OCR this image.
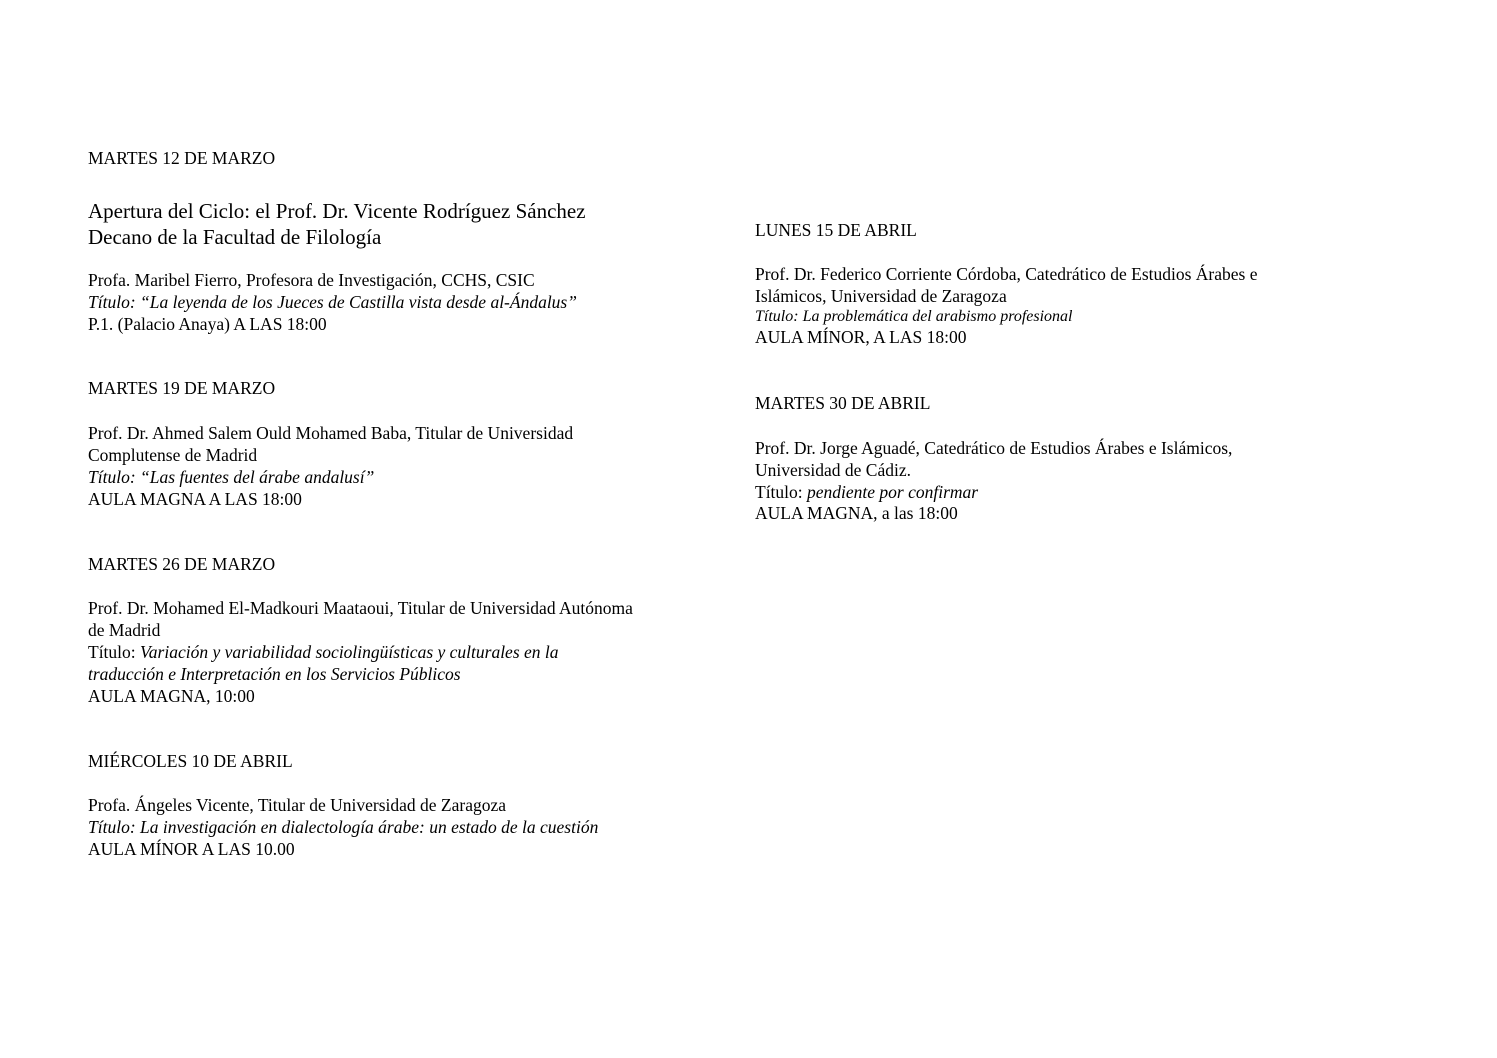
MARTES 12 DE MARZO
Apertura del Ciclo: el Prof. Dr. Vicente Rodríguez Sánchez
Decano de la Facultad de Filología
Profa. Maribel Fierro, Profesora de Investigación, CCHS, CSIC
Título: “La leyenda de los Jueces de Castilla vista desde al-Ándalus”
P.1. (Palacio Anaya) A LAS 18:00
MARTES 19 DE MARZO
Prof. Dr. Ahmed Salem Ould Mohamed Baba, Titular de Universidad
Complutense de Madrid
Título: “Las fuentes del árabe andalusí”
AULA MAGNA A LAS 18:00
MARTES 26 DE MARZO
Prof. Dr. Mohamed El-Madkouri Maataoui, Titular de Universidad Autónoma
de Madrid
Título: Variación y variabilidad sociolingüísticas y culturales en la
traducción e Interpretación en los Servicios Públicos
AULA MAGNA, 10:00
MIÉRCOLES 10 DE ABRIL
Profa. Ángeles Vicente, Titular de Universidad de Zaragoza
Título: La investigación en dialectología árabe: un estado de la cuestión
AULA MÍNOR A LAS 10.00
LUNES 15 DE ABRIL
Prof. Dr. Federico Corriente Córdoba, Catedrático de Estudios Árabes e
Islámicos, Universidad de Zaragoza
Título: La problemática del arabismo profesional
AULA MÍNOR, A LAS 18:00
MARTES 30 DE ABRIL
Prof. Dr. Jorge Aguadé, Catedrático de Estudios Árabes e Islámicos,
Universidad de Cádiz.
Título: pendiente por confirmar
AULA MAGNA, a las 18:00
